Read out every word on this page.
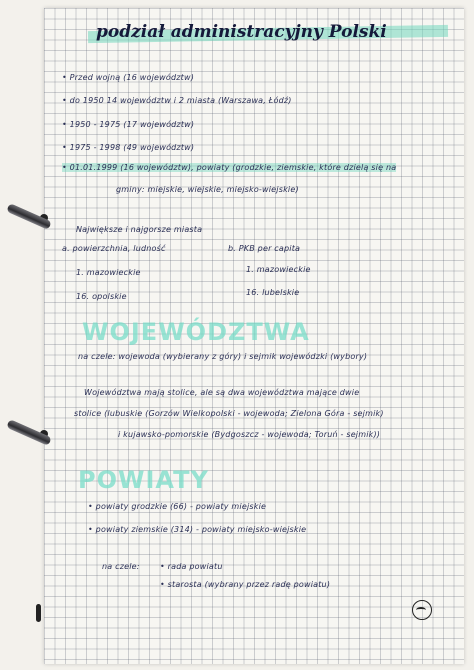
podział administracyjny Polski
• Przed wojną (16 województw)
• do 1950 14 województw i 2 miasta (Warszawa, Łódź)
• 1950 - 1975 (17 województw)
• 1975 - 1998 (49 województw)
• 01.01.1999 (16 województw), powiaty (grodzkie, ziemskie, które dzielą się na
gminy: miejskie, wiejskie, miejsko-wiejskie)
Największe i najgorsze miasta
a. powierzchnia, ludność	b. PKB per capita
1. mazowieckie	1. mazowieckie
16. opolskie	16. lubelskie
WOJEWÓDZTWA
na czele: wojewoda (wybierany z góry) i sejmik wojewódzki (wybory)
Województwa mają stolice, ale są dwa województwa mające dwie
stolice (lubuskie (Gorzów Wielkopolski - wojewoda; Zielona Góra - sejmik)
i kujawsko-pomorskie (Bydgoszcz - wojewoda; Toruń - sejmik))
POWIATY
• powiaty grodzkie (66) - powiaty miejskie
• powiaty ziemskie (314) - powiaty miejsko-wiejskie
na czele:	• rada powiatu
• starosta (wybrany przez radę powiatu)
